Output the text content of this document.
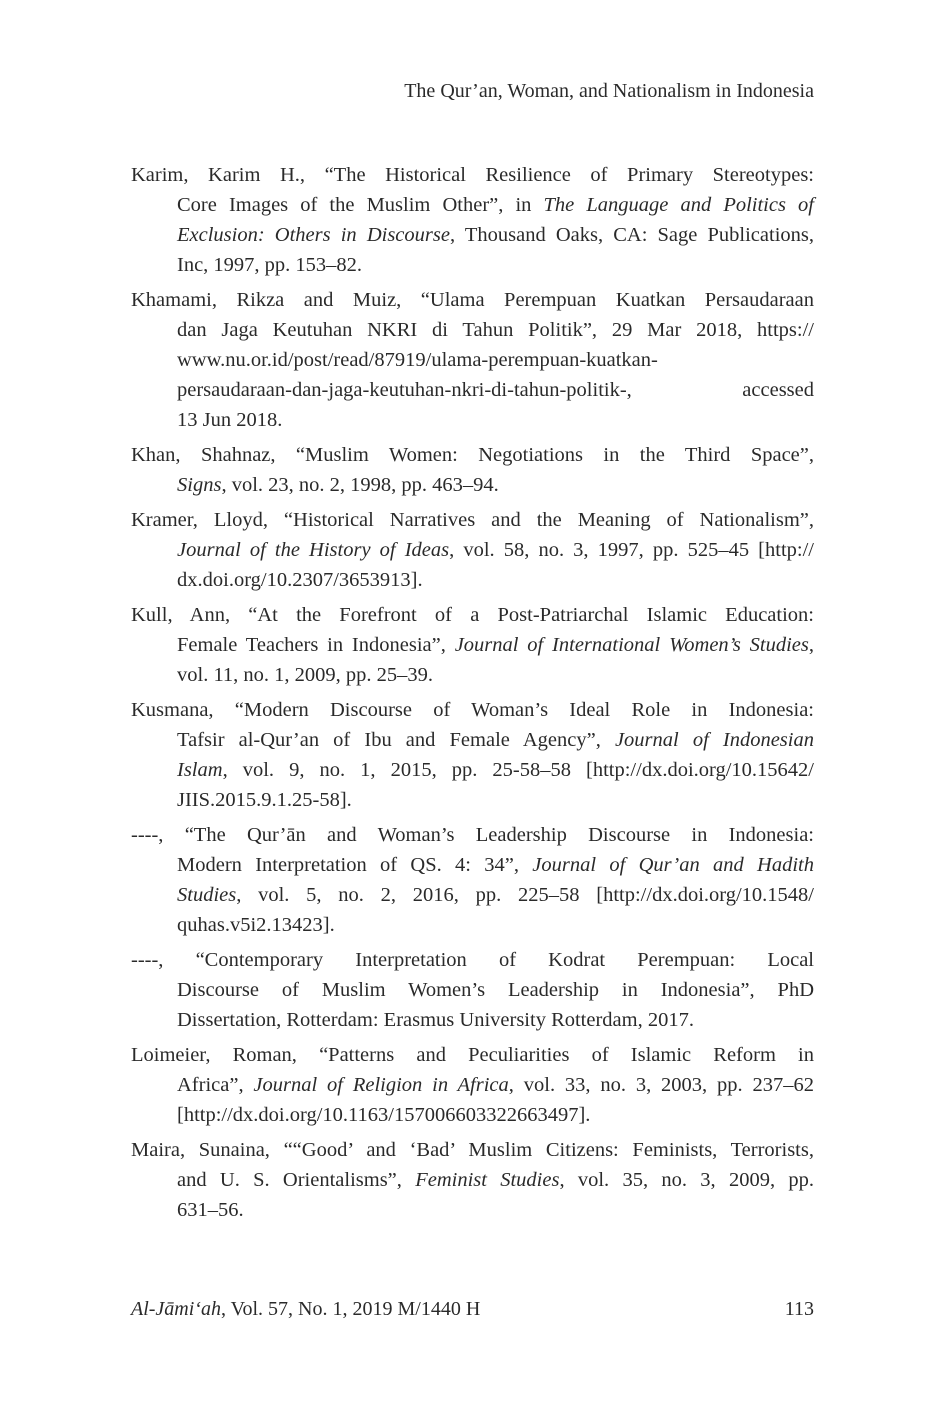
The Qur’an, Woman, and Nationalism in Indonesia
Karim, Karim H., “The Historical Resilience of Primary Stereotypes:
Core Images of the Muslim Other”, in The Language and Politics of
Exclusion: Others in Discourse, Thousand Oaks, CA: Sage Publications,
Inc, 1997, pp. 153–82.
Khamami, Rikza and Muiz, “Ulama Perempuan Kuatkan Persaudaraan
dan Jaga Keutuhan NKRI di Tahun Politik”, 29 Mar 2018, https://
www.nu.or.id/post/read/87919/ulama-perempuan-kuatkan-
persaudaraan-dan-jaga-keutuhan-nkri-di-tahun-politik-, accessed
13 Jun 2018.
Khan, Shahnaz, “Muslim Women: Negotiations in the Third Space”,
Signs, vol. 23, no. 2, 1998, pp. 463–94.
Kramer, Lloyd, “Historical Narratives and the Meaning of Nationalism”,
Journal of the History of Ideas, vol. 58, no. 3, 1997, pp. 525–45 [http://
dx.doi.org/10.2307/3653913].
Kull, Ann, “At the Forefront of a Post-Patriarchal Islamic Education:
Female Teachers in Indonesia”, Journal of International Women’s Studies,
vol. 11, no. 1, 2009, pp. 25–39.
Kusmana, “Modern Discourse of Woman’s Ideal Role in Indonesia:
Tafsir al-Qur’an of Ibu and Female Agency”, Journal of Indonesian
Islam, vol. 9, no. 1, 2015, pp. 25-58–58 [http://dx.doi.org/10.15642/
JIIS.2015.9.1.25-58].
----, “The Qur’ān and Woman’s Leadership Discourse in Indonesia:
Modern Interpretation of QS. 4: 34”, Journal of Qur’an and Hadith
Studies, vol. 5, no. 2, 2016, pp. 225–58 [http://dx.doi.org/10.1548/
quhas.v5i2.13423].
----, “Contemporary Interpretation of Kodrat Perempuan: Local
Discourse of Muslim Women’s Leadership in Indonesia”, PhD
Dissertation, Rotterdam: Erasmus University Rotterdam, 2017.
Loimeier, Roman, “Patterns and Peculiarities of Islamic Reform in
Africa”, Journal of Religion in Africa, vol. 33, no. 3, 2003, pp. 237–62
[http://dx.doi.org/10.1163/157006603322663497].
Maira, Sunaina, ““Good’ and ‘Bad’ Muslim Citizens: Feminists, Terrorists,
and U. S. Orientalisms”, Feminist Studies, vol. 35, no. 3, 2009, pp.
631–56.
Al-Jāmi‘ah, Vol. 57, No. 1, 2019 M/1440 H	113
